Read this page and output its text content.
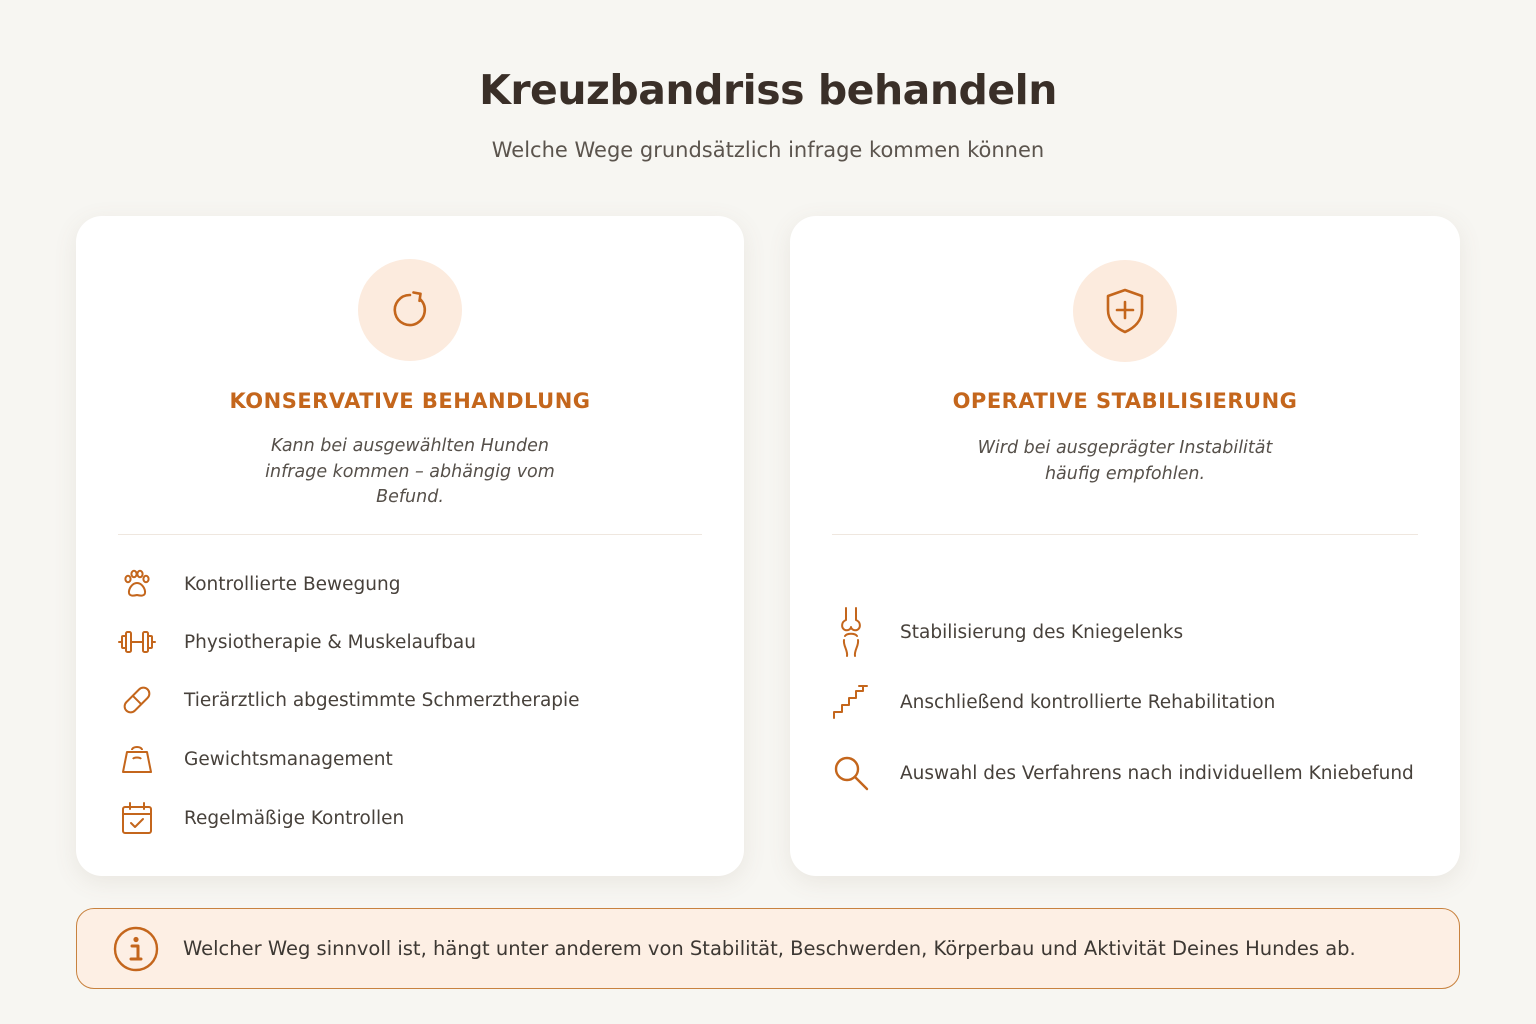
Kreuzbandriss behandeln

Welche Wege grundsätzlich infrage kommen können

KONSERVATIVE BEHANDLUNG

Kann bei ausgewählten Hunden infrage kommen – abhängig vom Befund.

Kontrollierte Bewegung
Physiotherapie & Muskelaufbau
Tierärztlich abgestimmte Schmerztherapie
Gewichtsmanagement
Regelmäßige Kontrollen
OPERATIVE STABILISIERUNG

Wird bei ausgeprägter Instabilität häufig empfohlen.

Stabilisierung des Kniegelenks
Anschließend kontrollierte Rehabilitation
Auswahl des Verfahrens nach individuellem Kniebefund
Welcher Weg sinnvoll ist, hängt unter anderem von Stabilität, Beschwerden, Körperbau und Aktivität Deines Hundes ab.
